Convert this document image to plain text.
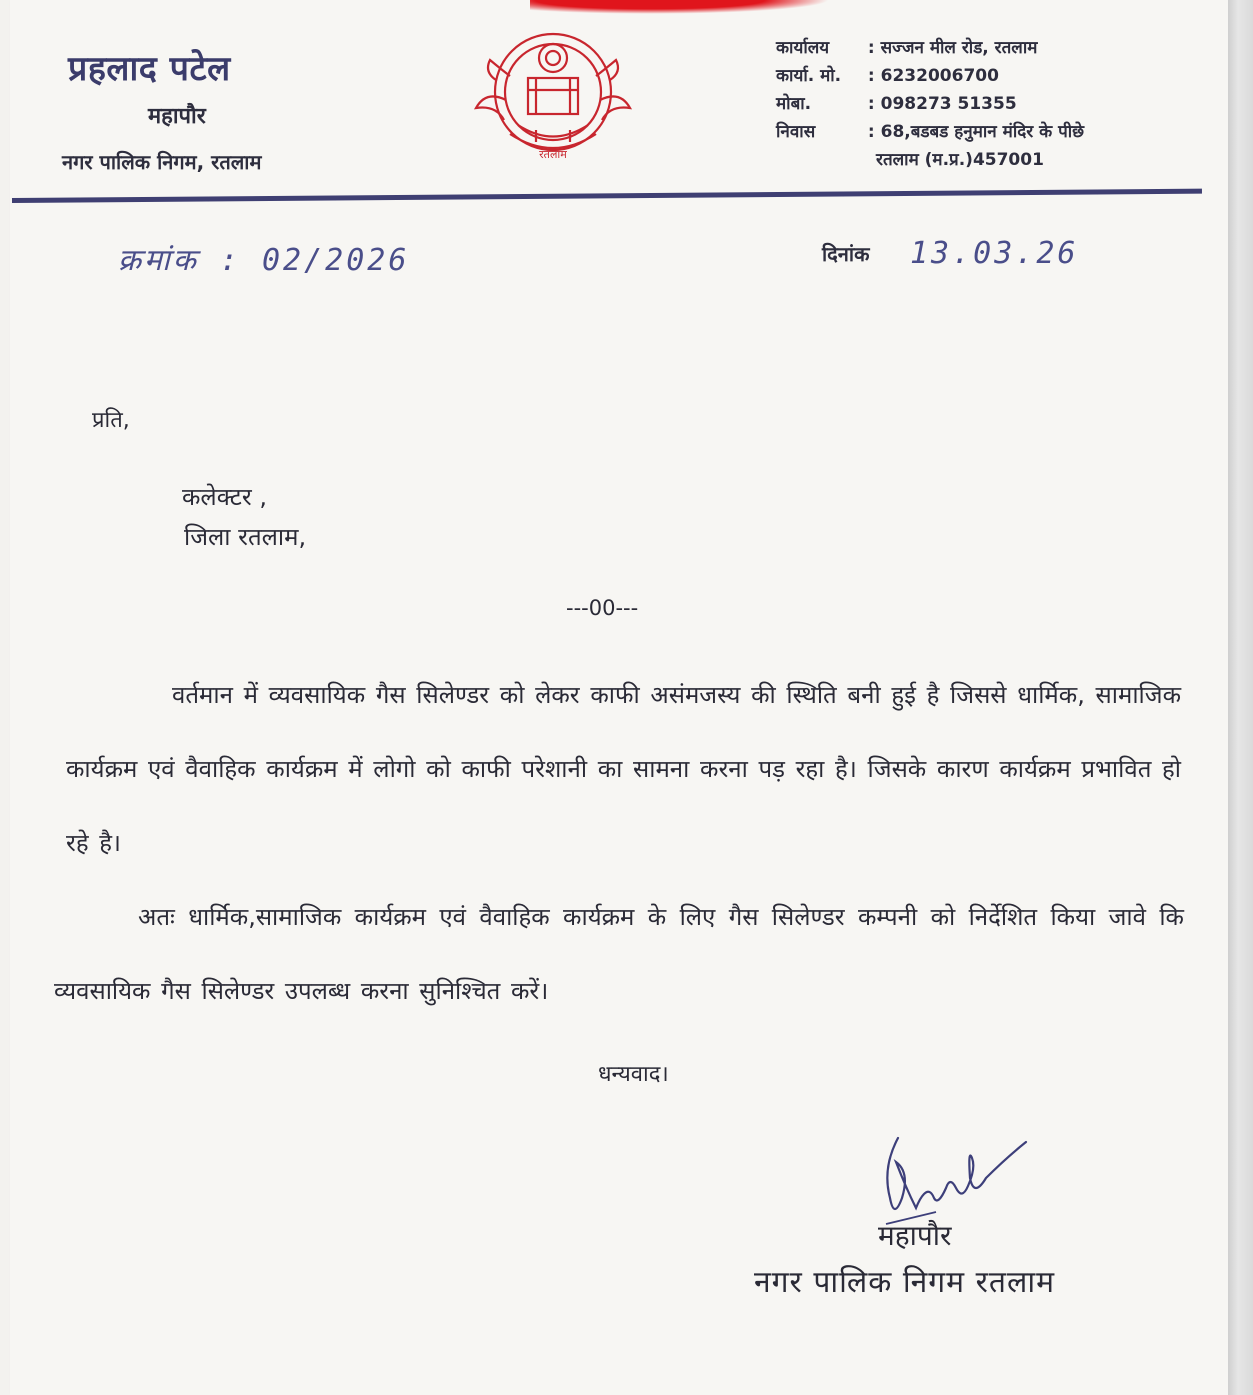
प्रहलाद पटेल
महापौर
नगर पालिक निगम, रतलाम	रतलाम
कार्यालय : सज्जन मील रोड, रतलाम
कार्या. मो. : 6232006700
मोबा.	: 098273 51355
निवास	: 68,बडबड हनुमान मंदिर के पीछे
रतलाम (म.प्र.)457001
क्रमांक : 02/2026	दिनांक 13.03.26
प्रति,
कलेक्टर ,
जिला रतलाम,
---00---
वर्तमान में व्यवसायिक गैस सिलेण्डर को लेकर काफी असंमजस्य की स्थिति बनी हुई है जिससे धार्मिक, सामाजिक कार्यक्रम एवं वैवाहिक कार्यक्रम में लोगो को काफी परेशानी का सामना करना पड़ रहा है। जिसके कारण कार्यक्रम प्रभावित हो रहे है।
अतः धार्मिक,सामाजिक कार्यक्रम एवं वैवाहिक कार्यक्रम के लिए गैस सिलेण्डर कम्पनी को निर्देशित किया जावे कि व्यवसायिक गैस सिलेण्डर उपलब्ध करना सुनिश्चित करें।
धन्यवाद।
महापौर
नगर पालिक निगम रतलाम
